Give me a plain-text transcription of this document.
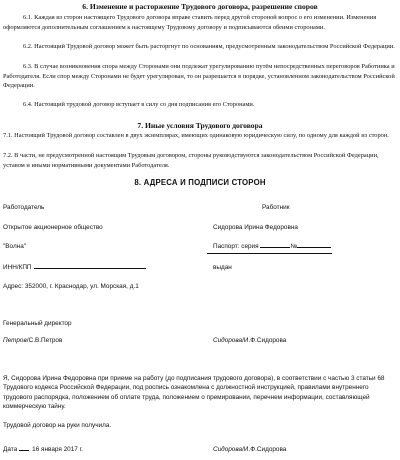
6. Изменение и расторжение Трудового договора, разрешение споров
6.1. Каждая из сторон настоящего Трудового договора вправе ставить перед другой стороной вопрос о его изменении. Изменения оформляются дополнительным соглашением к настоящему Трудовому договору и подписываются обеими сторонами.
6.2. Настоящий Трудовой договор может быть расторгнут по основаниям, предусмотренным законодательством Российской Федерации.
6.3. В случае возникновения спора между Сторонами они подлежат урегулированию путём непосредственных переговоров Работника и Работодателя. Если спор между Сторонами не будет урегулирован, то он разрешается в порядке, установленном законодательством Российской Федерации.
6.4. Настоящий трудовой договор вступает в силу со дня подписания его Сторонами.
7. Иные условия Трудового договора
7.1. Настоящий Трудовой договор составлен в двух экземплярах, имеющих одинаковую юридическую силу, по одному для каждой из сторон.
7.2. В части, не предусмотренной настоящим Трудовым договором, стороны руководствуются законодательством Российской Федерации, уставом и иными нормативными документами Работодателя.
8. АДРЕСА И ПОДПИСИ СТОРОН
Работодатель	Работник
Открытое акционерное общество	Сидорова Ирина Федоровна
"Волна"	Паспорт: серия	№
ИНН/КПП	выдан
Адрес: 352000, г. Краснодар, ул. Морская, д.1
Генеральный директор
Петров/С.В.Петров	Сидорова/И.Ф.Сидорова
Я, Сидорова Ирина Федоровна при приеме на работу (до подписания трудового договора), в соответствии с частью 3 статьи 68 Трудового кодекса Российской Федерации, под роспись ознакомлена с должностной инструкцией, правилами внутреннего трудового распорядка, положением об оплате труда, положением о премировании, перечнем информации, составляющей коммерческую тайну.
Трудовой договор на руки получила.
Дата 16 января 2017 г.	Сидорова/И.Ф.Сидорова
